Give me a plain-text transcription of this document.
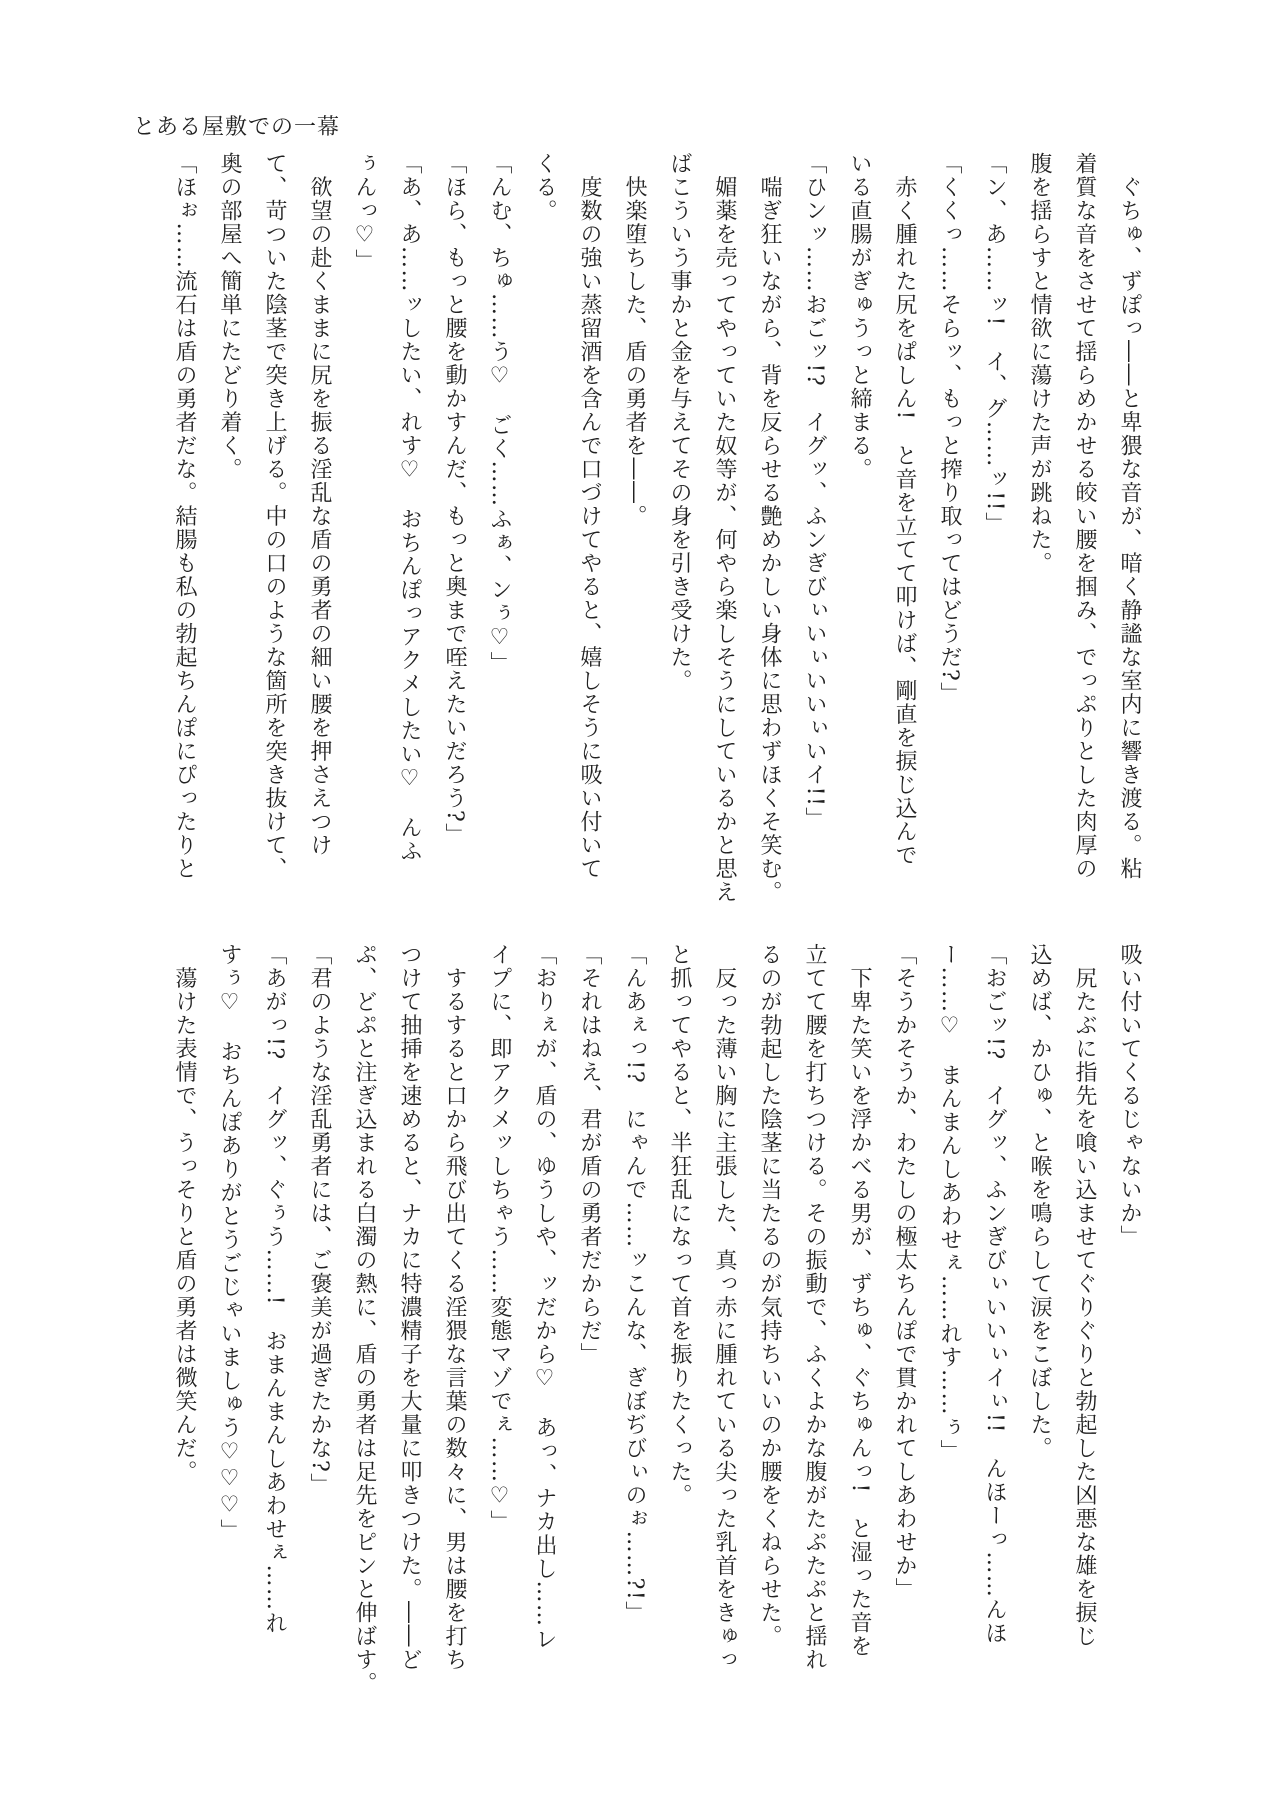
とある屋敷での一幕

　ぐちゅ、ずぽっ――と卑猥な音が、暗く静謐な室内に響き渡る。粘

着質な音をさせて揺らめかせる皎い腰を掴み、でっぷりとした肉厚の

腹を揺らすと情欲に蕩けた声が跳ねた。

「ン、あ……ッ!　イ、グ……ッ!!」

「くくっ……そらッ、もっと搾り取ってはどうだ?」

　赤く腫れた尻をぱしん!　と音を立てて叩けば、剛直を捩じ込んで

いる直腸がぎゅうっと締まる。

「ひンッ……おごッ!?　イグッ、ふンぎびぃいぃいいぃいイ!!」

　喘ぎ狂いながら、背を反らせる艶めかしい身体に思わずほくそ笑む。

　媚薬を売ってやっていた奴等が、何やら楽しそうにしているかと思え

ばこういう事かと金を与えてその身を引き受けた。

　快楽堕ちした、盾の勇者を――。

　度数の強い蒸留酒を含んで口づけてやると、嬉しそうに吸い付いて

くる。

「んむ、ちゅ……う♡　ごく……ふぁ、ンぅ♡」

「ほら、もっと腰を動かすんだ、もっと奥まで咥えたいだろう?」

「あ、あ……ッしたい、れす♡　おちんぽっアクメしたい♡　んふ

ぅんっ♡」

　欲望の赴くままに尻を振る淫乱な盾の勇者の細い腰を押さえつけ

て、苛ついた陰茎で突き上げる。中の口のような箇所を突き抜けて、

奥の部屋へ簡単にたどり着く。

「ほぉ……流石は盾の勇者だな。結腸も私の勃起ちんぽにぴったりと

吸い付いてくるじゃないか」

　尻たぶに指先を喰い込ませてぐりぐりと勃起した凶悪な雄を捩じ

込めば、かひゅ、と喉を鳴らして涙をこぼした。

「おごッ!?　イグッ、ふンぎびぃいいぃイぃ!!　んほーっ……んほ

ー……♡　まんまんしあわせぇ……れす……ぅ」

「そうかそうか、わたしの極太ちんぽで貫かれてしあわせか」

　下卑た笑いを浮かべる男が、ずちゅ、ぐちゅんっ!　と湿った音を

立てて腰を打ちつける。その振動で、ふくよかな腹がたぷたぷと揺れ

るのが勃起した陰茎に当たるのが気持ちいいのか腰をくねらせた。

　反った薄い胸に主張した、真っ赤に腫れている尖った乳首をきゅっ

と抓ってやると、半狂乱になって首を振りたくった。

「んあぇっ!?　にゃんで……ッこんな、ぎぼぢびぃのぉ……?!」

「それはねえ、君が盾の勇者だからだ」

「おりぇが、盾の、ゆうしや、ッだから♡　あっ、ナカ出し……レ

イプに、即アクメッしちゃう……変態マゾでぇ……♡」

　するすると口から飛び出てくる淫猥な言葉の数々に、男は腰を打ち

つけて抽挿を速めると、ナカに特濃精子を大量に叩きつけた。――ど

ぷ、どぷと注ぎ込まれる白濁の熱に、盾の勇者は足先をピンと伸ばす。

「君のような淫乱勇者には、ご褒美が過ぎたかな?」

「あがっ!?　イグッ、ぐぅう……!　おまんまんしあわせぇ……れ

すぅ♡　おちんぽありがとうごじゃいましゅう♡♡♡」

　蕩けた表情で、うっそりと盾の勇者は微笑んだ。
